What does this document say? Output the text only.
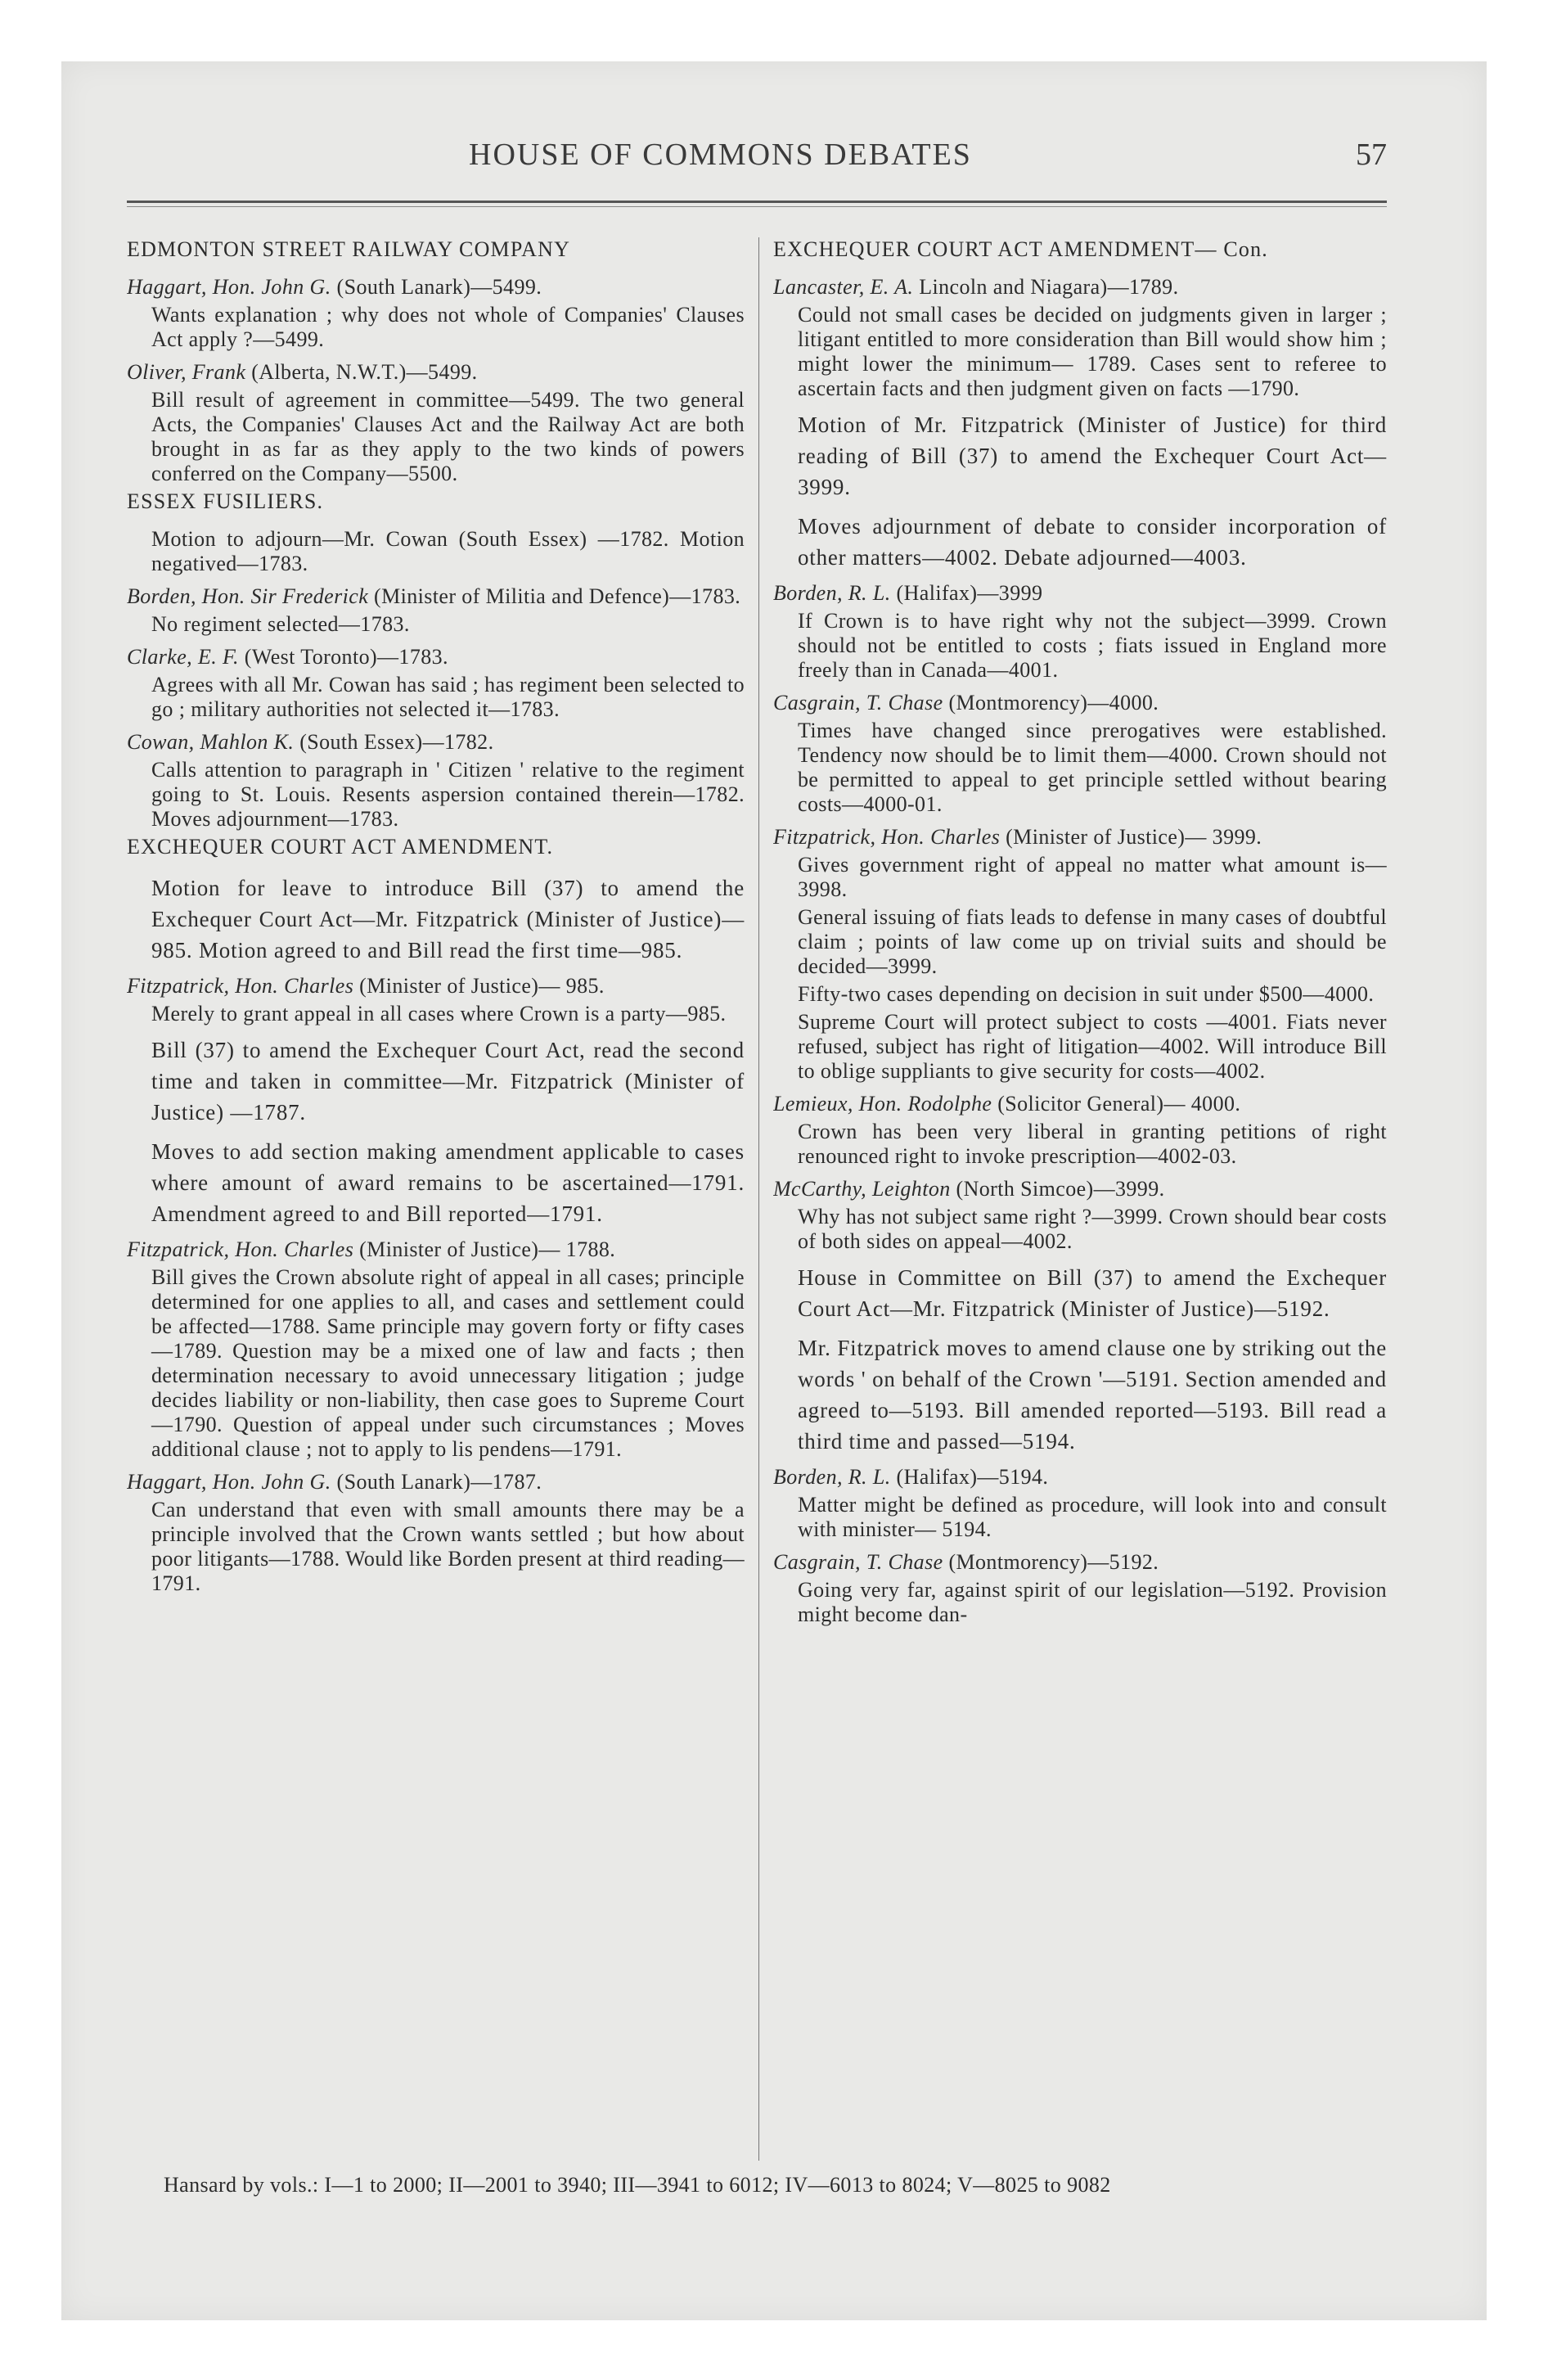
HOUSE OF COMMONS DEBATES	57
EDMONTON STREET RAILWAY COMPANY
Haggart, Hon. John G. (South Lanark)—5499.
Wants explanation ; why does not whole of Companies' Clauses Act apply ?—5499.
Oliver, Frank (Alberta, N.W.T.)—5499.
Bill result of agreement in committee—5499. The two general Acts, the Companies' Clauses Act and the Railway Act are both brought in as far as they apply to the two kinds of powers conferred on the Company—5500.
ESSEX FUSILIERS.
Motion to adjourn—Mr. Cowan (South Essex) —1782. Motion negatived—1783.
Borden, Hon. Sir Frederick (Minister of Militia and Defence)—1783.
No regiment selected—1783.
Clarke, E. F. (West Toronto)—1783.
Agrees with all Mr. Cowan has said ; has regiment been selected to go ; military authorities not selected it—1783.
Cowan, Mahlon K. (South Essex)—1782.
Calls attention to paragraph in ' Citizen ' relative to the regiment going to St. Louis. Resents aspersion contained therein—1782. Moves adjournment—1783.
EXCHEQUER COURT ACT AMENDMENT.
Motion for leave to introduce Bill (37) to amend the Exchequer Court Act—Mr. Fitzpatrick (Minister of Justice)—985. Motion agreed to and Bill read the first time—985.
Fitzpatrick, Hon. Charles (Minister of Justice)— 985.
Merely to grant appeal in all cases where Crown is a party—985.
Bill (37) to amend the Exchequer Court Act, read the second time and taken in committee—Mr. Fitzpatrick (Minister of Justice) —1787.
Moves to add section making amendment applicable to cases where amount of award remains to be ascertained—1791. Amendment agreed to and Bill reported—1791.
Fitzpatrick, Hon. Charles (Minister of Justice)— 1788.
Bill gives the Crown absolute right of appeal in all cases; principle determined for one applies to all, and cases and settlement could be affected—1788. Same principle may govern forty or fifty cases—1789. Question may be a mixed one of law and facts ; then determination necessary to avoid unnecessary litigation ; judge decides liability or non-liability, then case goes to Supreme Court—1790. Question of appeal under such circumstances ; Moves additional clause ; not to apply to lis pendens—1791.
Haggart, Hon. John G. (South Lanark)—1787.
Can understand that even with small amounts there may be a principle involved that the Crown wants settled ; but how about poor litigants—1788. Would like Borden present at third reading—1791.
EXCHEQUER COURT ACT AMENDMENT— Con.
Lancaster, E. A. Lincoln and Niagara)—1789.
Could not small cases be decided on judgments given in larger ; litigant entitled to more consideration than Bill would show him ; might lower the minimum— 1789. Cases sent to referee to ascertain facts and then judgment given on facts —1790.
Motion of Mr. Fitzpatrick (Minister of Justice) for third reading of Bill (37) to amend the Exchequer Court Act—3999.
Moves adjournment of debate to consider incorporation of other matters—4002. Debate adjourned—4003.
Borden, R. L. (Halifax)—3999
If Crown is to have right why not the subject—3999. Crown should not be entitled to costs ; fiats issued in England more freely than in Canada—4001.
Casgrain, T. Chase (Montmorency)—4000.
Times have changed since prerogatives were established. Tendency now should be to limit them—4000. Crown should not be permitted to appeal to get principle settled without bearing costs—4000-01.
Fitzpatrick, Hon. Charles (Minister of Justice)— 3999.
Gives government right of appeal no matter what amount is—3998.
General issuing of fiats leads to defense in many cases of doubtful claim ; points of law come up on trivial suits and should be decided—3999.
Fifty-two cases depending on decision in suit under $500—4000.
Supreme Court will protect subject to costs —4001. Fiats never refused, subject has right of litigation—4002. Will introduce Bill to oblige suppliants to give security for costs—4002.
Lemieux, Hon. Rodolphe (Solicitor General)— 4000.
Crown has been very liberal in granting petitions of right renounced right to invoke prescription—4002-03.
McCarthy, Leighton (North Simcoe)—3999.
Why has not subject same right ?—3999. Crown should bear costs of both sides on appeal—4002.
House in Committee on Bill (37) to amend the Exchequer Court Act—Mr. Fitzpatrick (Minister of Justice)—5192.
Mr. Fitzpatrick moves to amend clause one by striking out the words ' on behalf of the Crown '—5191. Section amended and agreed to—5193. Bill amended reported—5193. Bill read a third time and passed—5194.
Borden, R. L. (Halifax)—5194.
Matter might be defined as procedure, will look into and consult with minister— 5194.
Casgrain, T. Chase (Montmorency)—5192.
Going very far, against spirit of our legislation—5192. Provision might become dan-
Hansard by vols.: I—1 to 2000; II—2001 to 3940; III—3941 to 6012; IV—6013 to 8024; V—8025 to 9082
